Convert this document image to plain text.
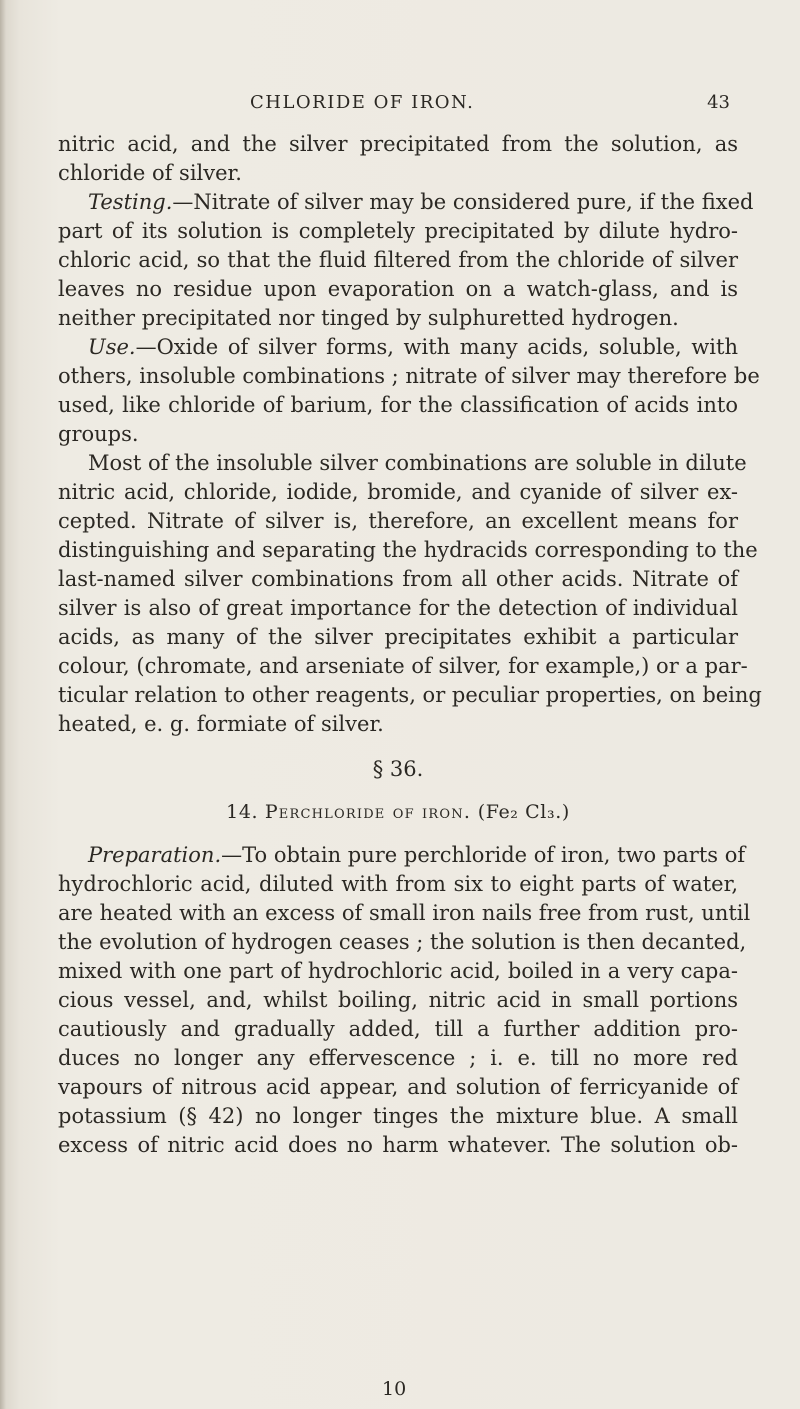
CHLORIDE OF IRON.	43
nitric acid, and the silver precipitated from the solution, as
chloride of silver.
Testing.—Nitrate of silver may be considered pure, if the fixed
part of its solution is completely precipitated by dilute hydro-
chloric acid, so that the fluid filtered from the chloride of silver
leaves no residue upon evaporation on a watch-glass, and is
neither precipitated nor tinged by sulphuretted hydrogen.
Use.—Oxide of silver forms, with many acids, soluble, with
others, insoluble combinations ; nitrate of silver may therefore be
used, like chloride of barium, for the classification of acids into
groups.
Most of the insoluble silver combinations are soluble in dilute
nitric acid, chloride, iodide, bromide, and cyanide of silver ex-
cepted. Nitrate of silver is, therefore, an excellent means for
distinguishing and separating the hydracids corresponding to the
last-named silver combinations from all other acids. Nitrate of
silver is also of great importance for the detection of individual
acids, as many of the silver precipitates exhibit a particular
colour, (chromate, and arseniate of silver, for example,) or a par-
ticular relation to other reagents, or peculiar properties, on being
heated, e. g. formiate of silver.
§ 36.
14. Perchloride of iron. (Fe₂ Cl₃.)
Preparation.—To obtain pure perchloride of iron, two parts of
hydrochloric acid, diluted with from six to eight parts of water,
are heated with an excess of small iron nails free from rust, until
the evolution of hydrogen ceases ; the solution is then decanted,
mixed with one part of hydrochloric acid, boiled in a very capa-
cious vessel, and, whilst boiling, nitric acid in small portions
cautiously and gradually added, till a further addition pro-
duces no longer any effervescence ; i. e. till no more red
vapours of nitrous acid appear, and solution of ferricyanide of
potassium (§ 42) no longer tinges the mixture blue. A small
excess of nitric acid does no harm whatever. The solution ob-
10
